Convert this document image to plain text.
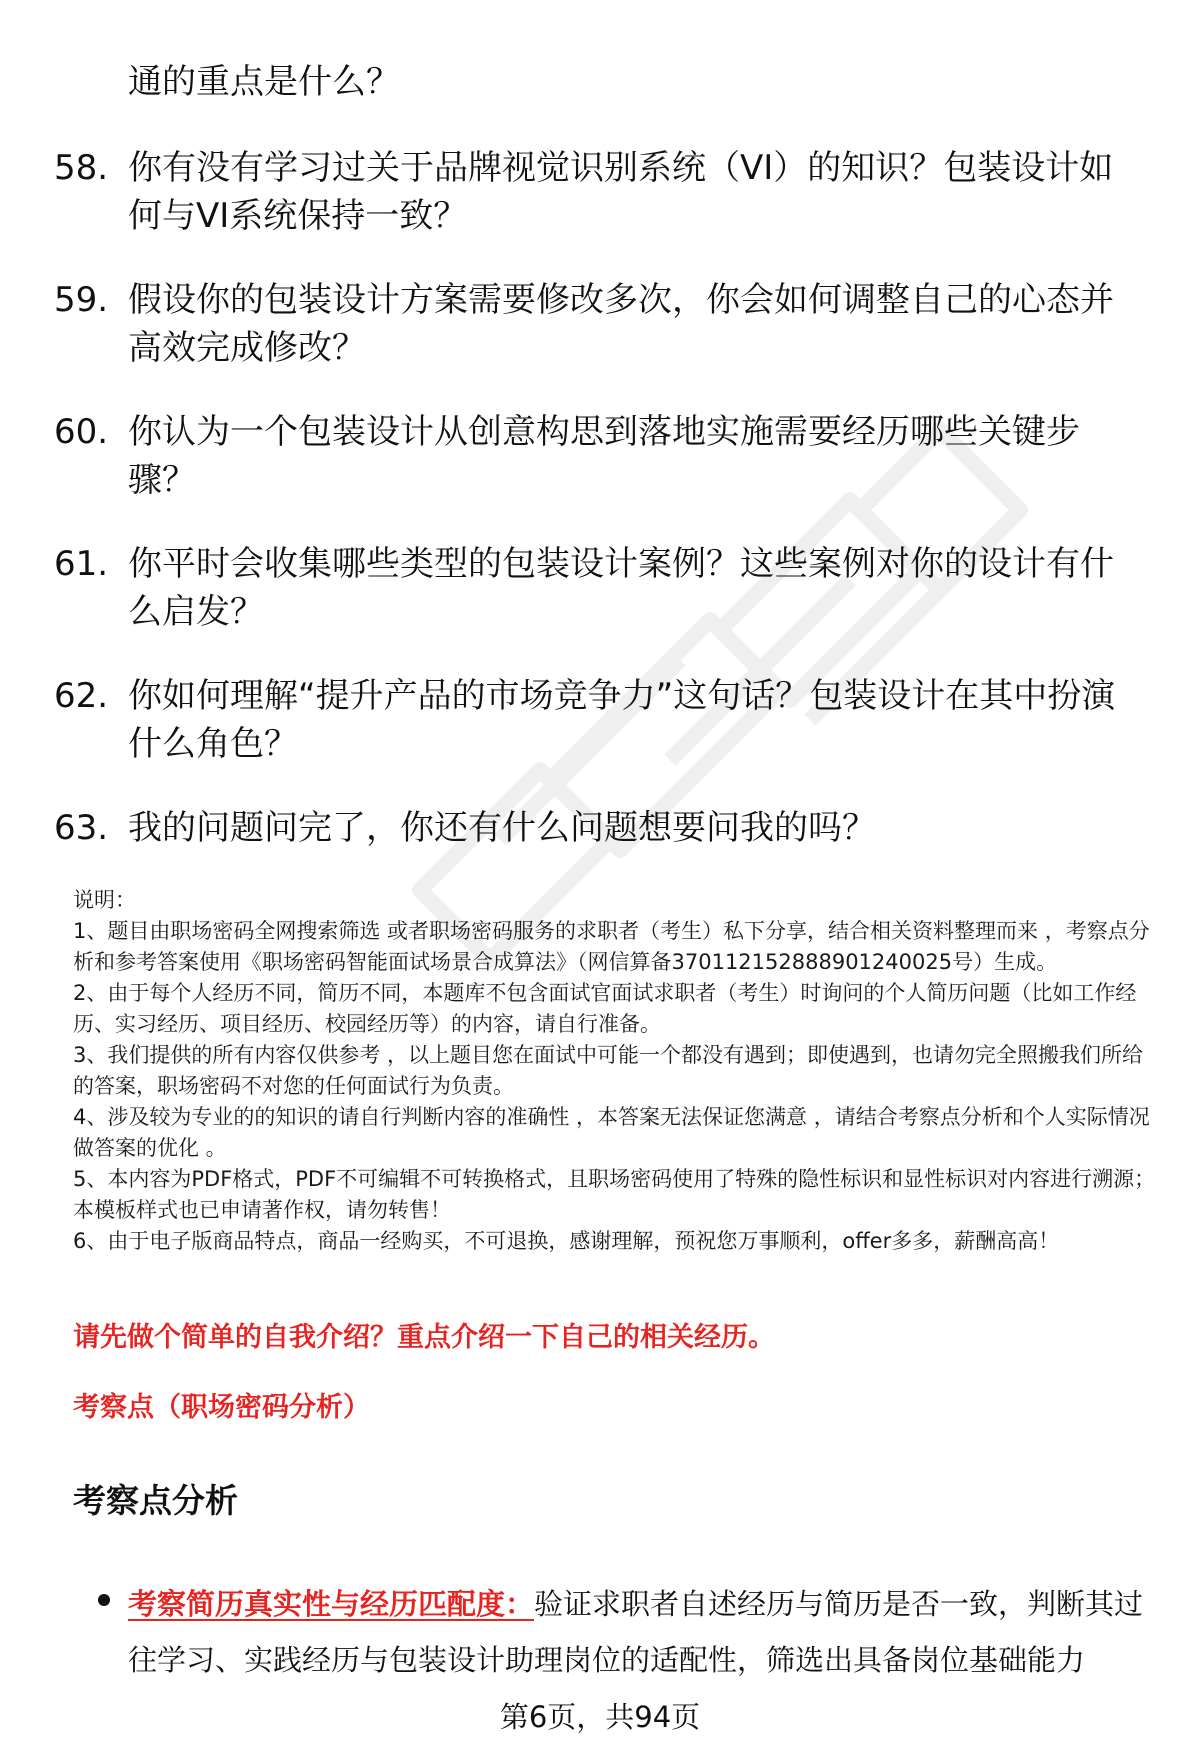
通的重点是什么？
58. 你有没有学习过关于品牌视觉识别系统（VI）的知识？包装设计如何与VI系统保持一致？
59. 假设你的包装设计方案需要修改多次，你会如何调整自己的心态并高效完成修改？
60. 你认为一个包装设计从创意构思到落地实施需要经历哪些关键步骤？
61. 你平时会收集哪些类型的包装设计案例？这些案例对你的设计有什么启发？
62. 你如何理解“提升产品的市场竞争力”这句话？包装设计在其中扮演什么角色？
63. 我的问题问完了，你还有什么问题想要问我的吗？

说明：

1、题目由职场密码全网搜索筛选 或者职场密码服务的求职者（考生）私下分享，结合相关资料整理而来 ，考察点分析和参考答案使用《职场密码智能面试场景合成算法》（网信算备370112152888901240025号）生成。

2、由于每个人经历不同，简历不同，本题库不包含面试官面试求职者（考生）时询问的个人简历问题（比如工作经历、实习经历、项目经历、校园经历等）的内容，请自行准备。

3、我们提供的所有内容仅供参考 ，以上题目您在面试中可能一个都没有遇到；即使遇到，也请勿完全照搬我们所给的答案，职场密码不对您的任何面试行为负责。

4、涉及较为专业的的知识的请自行判断内容的准确性 ，本答案无法保证您满意 ，请结合考察点分析和个人实际情况做答案的优化 。

5、本内容为PDF格式，PDF不可编辑不可转换格式，且职场密码使用了特殊的隐性标识和显性标识对内容进行溯源；本模板样式也已申请著作权，请勿转售！

6、由于电子版商品特点，商品一经购买，不可退换，感谢理解，预祝您万事顺利，offer多多，薪酬高高！

请先做个简单的自我介绍？重点介绍一下自己的相关经历。
考察点（职场密码分析）
考察点分析
考察简历真实性与经历匹配度：验证求职者自述经历与简历是否一致，判断其过往学习、实践经历与包装设计助理岗位的适配性，筛选出具备岗位基础能力
第6页，共94页
